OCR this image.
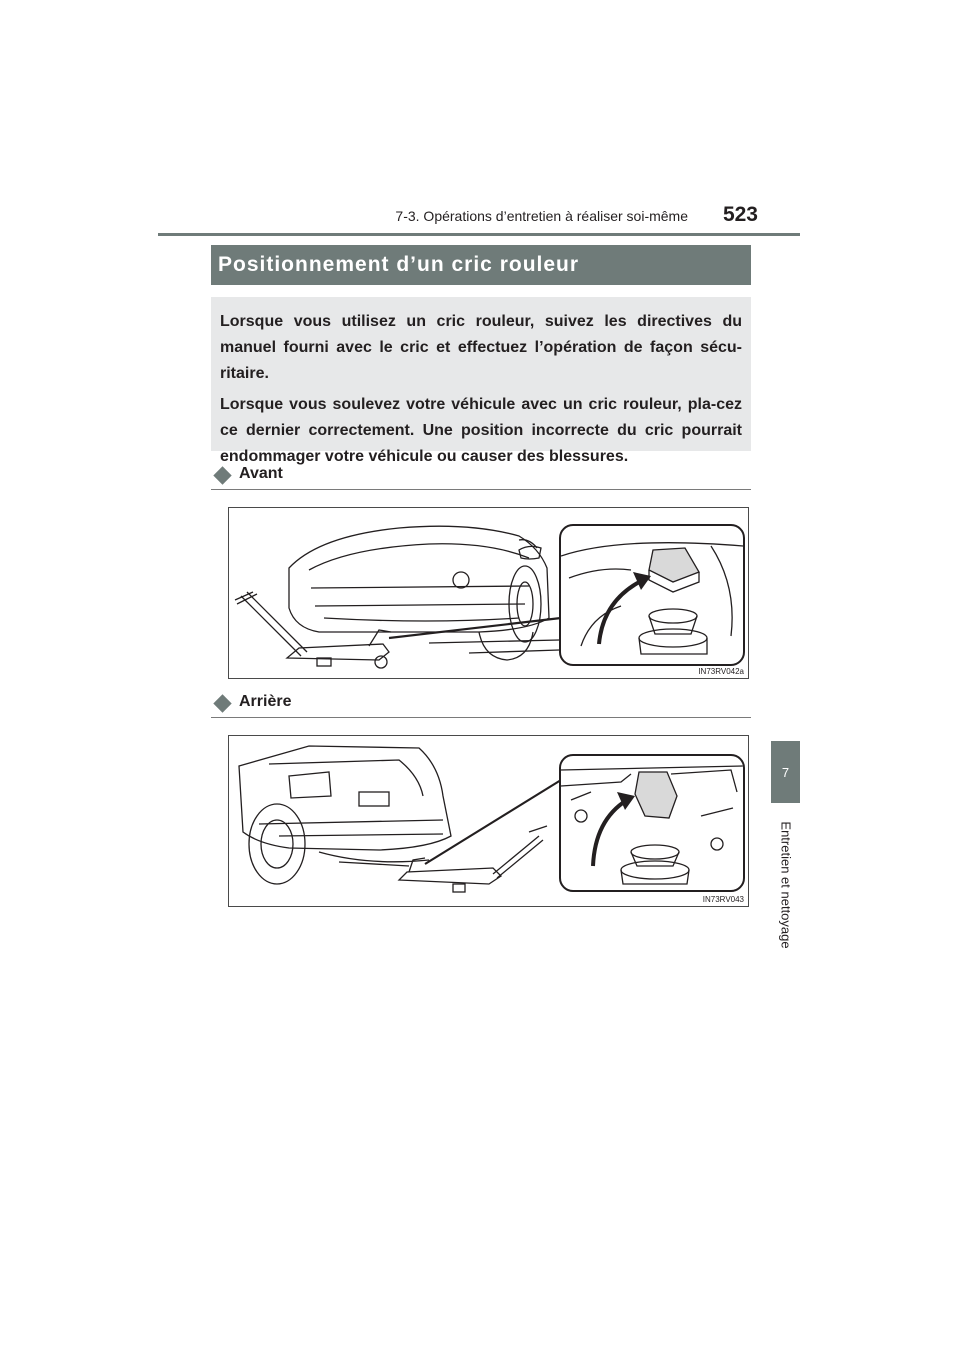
523
7-3. Opérations d’entretien à réaliser soi-même
7
Entretien et nettoyage
Positionnement d’un cric rouleur

Lorsque vous utilisez un cric rouleur, suivez les directives du manuel fourni avec le cric et effectuez l’opération de façon sécu-ritaire.

Lorsque vous soulevez votre véhicule avec un cric rouleur, pla-cez ce dernier correctement. Une position incorrecte du cric pourrait endommager votre véhicule ou causer des blessures.

Avant
IN73RV042a
Arrière
IN73RV043
